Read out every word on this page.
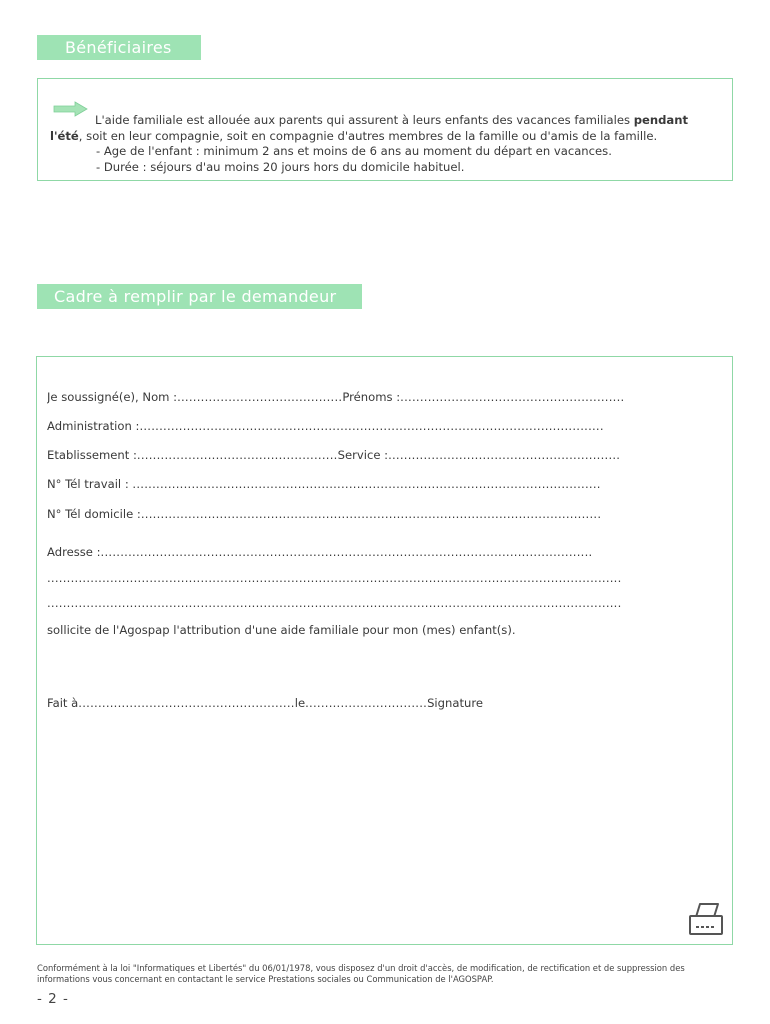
Bénéficiaires
L'aide familiale est allouée aux parents qui assurent à leurs enfants des vacances familiales pendant
l'été, soit en leur compagnie, soit en compagnie d'autres membres de la famille ou d'amis de la famille.
- Age de l'enfant : minimum 2 ans et moins de 6 ans au moment du départ en vacances.
- Durée : séjours d'au moins 20 jours hors du domicile habituel.
Cadre à remplir par le demandeur
Je soussigné(e), Nom :..........................................Prénoms :.........................................................
Administration :......................................................................................................................
Etablissement :...................................................Service :...........................................................
N° Tél travail : .......................................................................................................................
N° Tél domicile :.....................................................................................................................
Adresse :.............................................................................................................................
..................................................................................................................................................
..................................................................................................................................................
sollicite de l'Agospap l'attribution d'une aide familiale pour mon (mes) enfant(s).
Fait à.......................................................le...............................Signature
Conformément à la loi "Informatiques et Libertés" du 06/01/1978, vous disposez d'un droit d'accès, de modification, de rectification et de suppression des informations vous concernant en contactant le service Prestations sociales ou Communication de l'AGOSPAP.
- 2 -
